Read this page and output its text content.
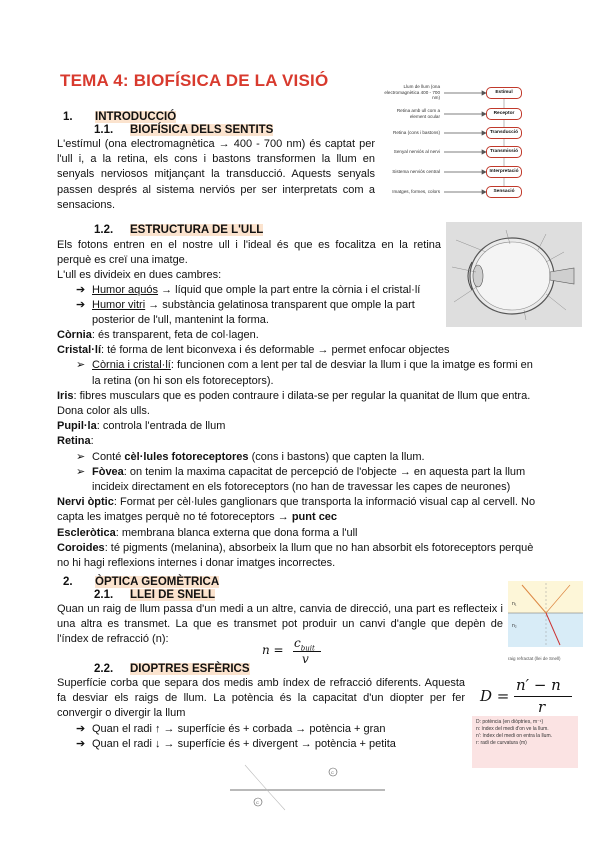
TEMA 4: BIOFÍSICA DE LA VISIÓ
1. INTRODUCCIÓ
1.1. BIOFÍSICA DELS SENTITS
L'estímul (ona electromagnètica → 400 - 700 nm) és captat per
l'ull i, a la retina, els cons i bastons transformen la llum en
senyals nerviosos mitjançant la transducció. Aquests senyals
passen després al sistema nerviós per ser interpretats com a
sensacions.
Llum de llum (ona electromagnètica 400 - 700 nm)
Retina amb ull com a element ocular
Retina (cons i bastons)
Senyal nerviós al nervi
Sistema nerviós central
Imatges, formes, colors
Estímul
Receptor
Transducció
Transmissió
Interpretació
Sensació
1.2. ESTRUCTURA DE L'ULL
Els fotons entren en el nostre ull i l'ideal és que es focalitza en la retina
perquè es creï una imatge.
L'ull es divideix en dues cambres:
➔ Humor aquós → líquid que omple la part entre la còrnia i el cristal·lí
➔ Humor vitri → substància gelatinosa transparent que omple la part
posterior de l'ull, mantenint la forma.
Còrnia: és transparent, feta de col·lagen.
Cristal·lí: té forma de lent biconvexa i és deformable → permet enfocar objectes
➢ Còrnia i cristal·lí: funcionen com a lent per tal de desviar la llum i que la imatge es formi en
la retina (on hi son els fotoreceptors).
Iris: fibres musculars que es poden contraure i dilata-se per regular la quanitat de llum que entra.
Dona color als ulls.
Pupil·la: controla l'entrada de llum
Retina:
➢ Conté cèl·lules fotoreceptores (cons i bastons) que capten la llum.
➢ Fòvea: on tenim la maxima capacitat de percepció de l'objecte → en aquesta part la llum
incideix directament en els fotoreceptors (no han de travessar les capes de neurones)
Nervi òptic: Format per cèl·lules ganglionars que transporta la informació visual cap al cervell. No
capta les imatges perquè no té fotoreceptors → punt cec
Escleròtica: membrana blanca externa que dona forma a l'ull
Coroides: té pigments (melanina), absorbeix la llum que no han absorbit els fotoreceptors perquè
no hi hagi reflexions internes i donar imatges incorrectes.
2. ÒPTICA GEOMÈTRICA
2.1. LLEI DE SNELL
Quan un raig de llum passa d'un medi a un altre, canvia de direcció, una part es reflecteix i
una altra es transmet. La que es transmet pot produir un canvi d'angle que depèn de
l'índex de refracció (n):
$n = c_{buit}$
v
n₁
n₂
raig refractat (llei de Snell)
2.2. DIOPTRES ESFÈRICS
Superfície corba que separa dos medis amb índex de refracció diferents. Aquesta
fa desviar els raigs de llum. La potència és la capacitat d'un diopter per fer
convergir o divergir la llum
➔ Quan el radi ↑ → superfície és + corbada → potència + gran
➔ Quan el radi ↓ → superfície és + divergent → potència + petita
D =
n′ − n
r
D: potència (en diòptries, m⁻¹)
n: índex del medi d'on ve la llum.
n': índex del medi on entra la llum.
r: radi de curvatura (m)
C
C
